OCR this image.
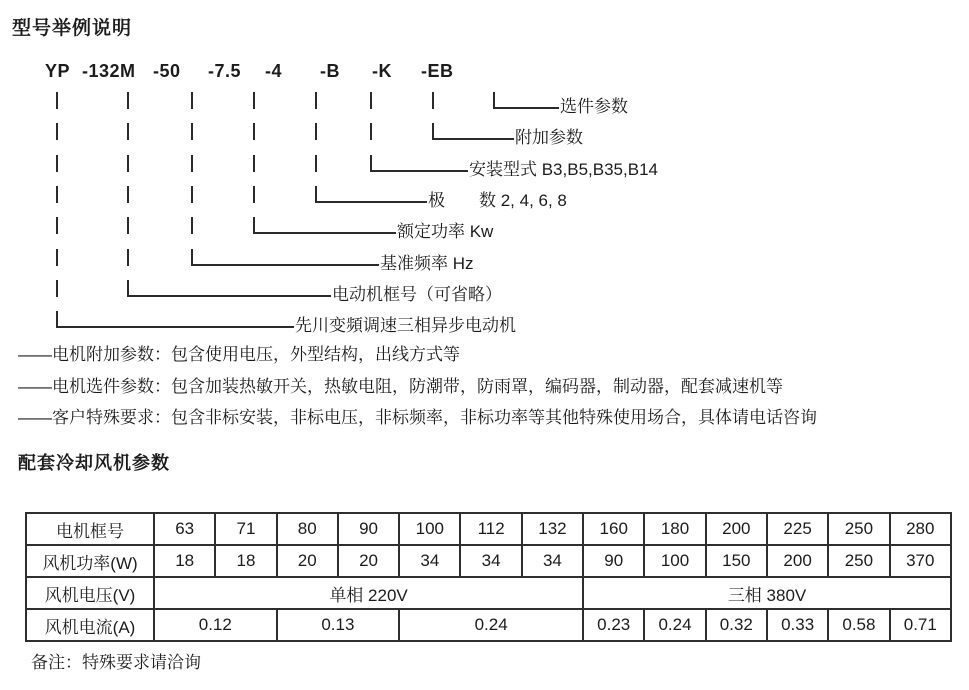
型号举例说明
YP -132M -50 -7.5 -4 -B -K -EB
选件参数
附加参数
安装型式 B3,B5,B35,B14
极　　数 2, 4, 6, 8
额定功率 Kw
基准频率 Hz
电动机框号（可省略）
先川变頻调速三相异步电动机
——电机附加参数：包含使用电压，外型结构，出线方式等
——电机选件参数：包含加装热敏开关，热敏电阻，防潮带，防雨罩，编码器，制动器，配套减速机等
——客户特殊要求：包含非标安装，非标电压，非标频率，非标功率等其他特殊使用场合，具体请电话咨询
配套冷却风机参数
电机框号	63	71	80	90	100	112	132	160	180	200	225	250	280
风机功率(W)	18	18	20	20	34	34	34	90	100	150	200	250	370
风机电压(V)	单相 220V							三相 380V					
风机电流(A)	0.12		0.13		0.24			0.23	0.24	0.32	0.33	0.58	0.71
备注：特殊要求请洽询
